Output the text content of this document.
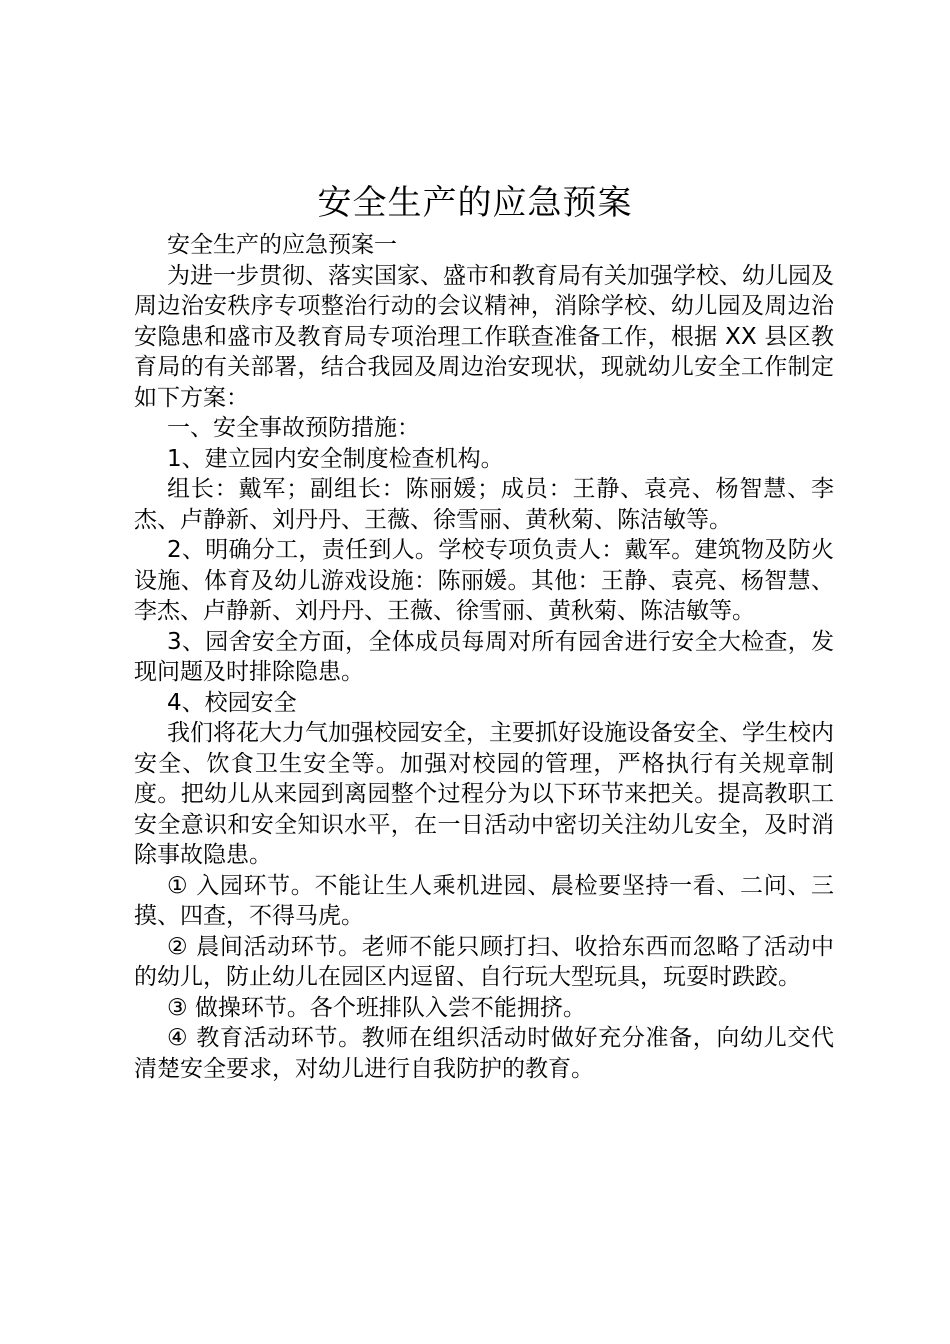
安全生产的应急预案

安全生产的应急预案一

为进一步贯彻、落实国家、盛市和教育局有关加强学校、幼儿园及周边治安秩序专项整治行动的会议精神，消除学校、幼儿园及周边治安隐患和盛市及教育局专项治理工作联查准备工作，根据 XX 县区教育局的有关部署，结合我园及周边治安现状，现就幼儿安全工作制定如下方案：

一、安全事故预防措施：

1、建立园内安全制度检查机构。

组长：戴军；副组长：陈丽媛；成员：王静、袁亮、杨智慧、李杰、卢静新、刘丹丹、王薇、徐雪丽、黄秋菊、陈洁敏等。

2、明确分工，责任到人。学校专项负责人：戴军。建筑物及防火设施、体育及幼儿游戏设施：陈丽媛。其他：王静、袁亮、杨智慧、李杰、卢静新、刘丹丹、王薇、徐雪丽、黄秋菊、陈洁敏等。

3、园舍安全方面，全体成员每周对所有园舍进行安全大检查，发现问题及时排除隐患。

4、校园安全

我们将花大力气加强校园安全，主要抓好设施设备安全、学生校内安全、饮食卫生安全等。加强对校园的管理，严格执行有关规章制度。把幼儿从来园到离园整个过程分为以下环节来把关。提高教职工安全意识和安全知识水平，在一日活动中密切关注幼儿安全，及时消除事故隐患。

① 入园环节。不能让生人乘机进园、晨检要坚持一看、二问、三摸、四查，不得马虎。

② 晨间活动环节。老师不能只顾打扫、收拾东西而忽略了活动中的幼儿，防止幼儿在园区内逗留、自行玩大型玩具，玩耍时跌跤。

③ 做操环节。各个班排队入尝不能拥挤。

④ 教育活动环节。教师在组织活动时做好充分准备，向幼儿交代清楚安全要求，对幼儿进行自我防护的教育。
